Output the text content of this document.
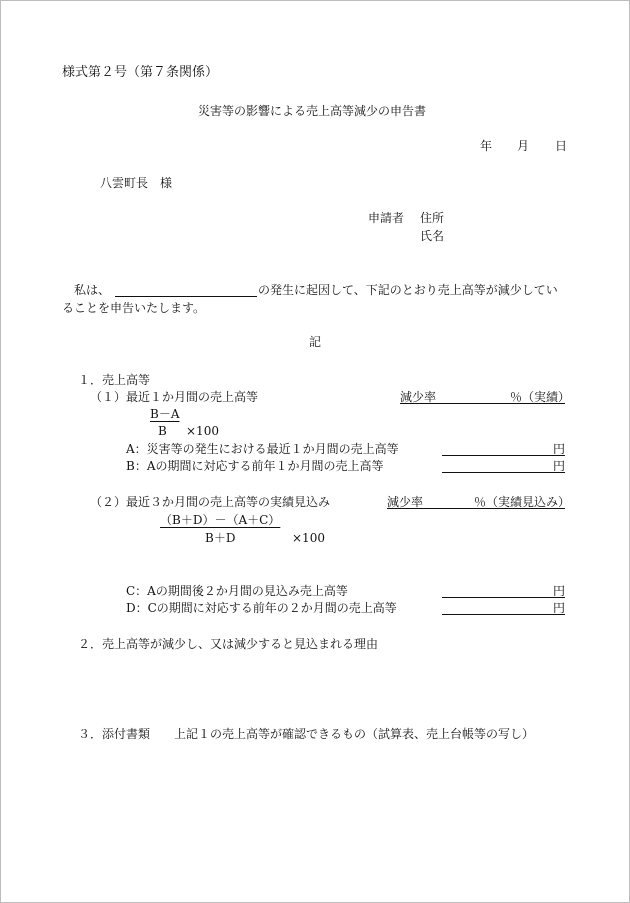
様式第２号（第７条関係）
災害等の影響による売上高等減少の申告書
年 月 日
八雲町長　様
申請者 住所
氏名
私は、	の発生に起因して、下記のとおり売上高等が減少してい
ることを申告いたします。
記
１．売上高等
（１）最近１か月間の売上高等	減少率	％（実績）
B－A
B ×100
A：災害等の発生における最近１か月間の売上高等	円
B：Aの期間に対応する前年１か月間の売上高等	円
（２）最近３か月間の売上高等の実績見込み	減少率	％（実績見込み）
（B＋D）－（A＋C）
B＋D	×100
C：Aの期間後２か月間の見込み売上高等	円
D：Cの期間に対応する前年の２か月間の売上高等	円
２．売上高等が減少し、又は減少すると見込まれる理由
３．添付書類 上記１の売上高等が確認できるもの（試算表、売上台帳等の写し）
